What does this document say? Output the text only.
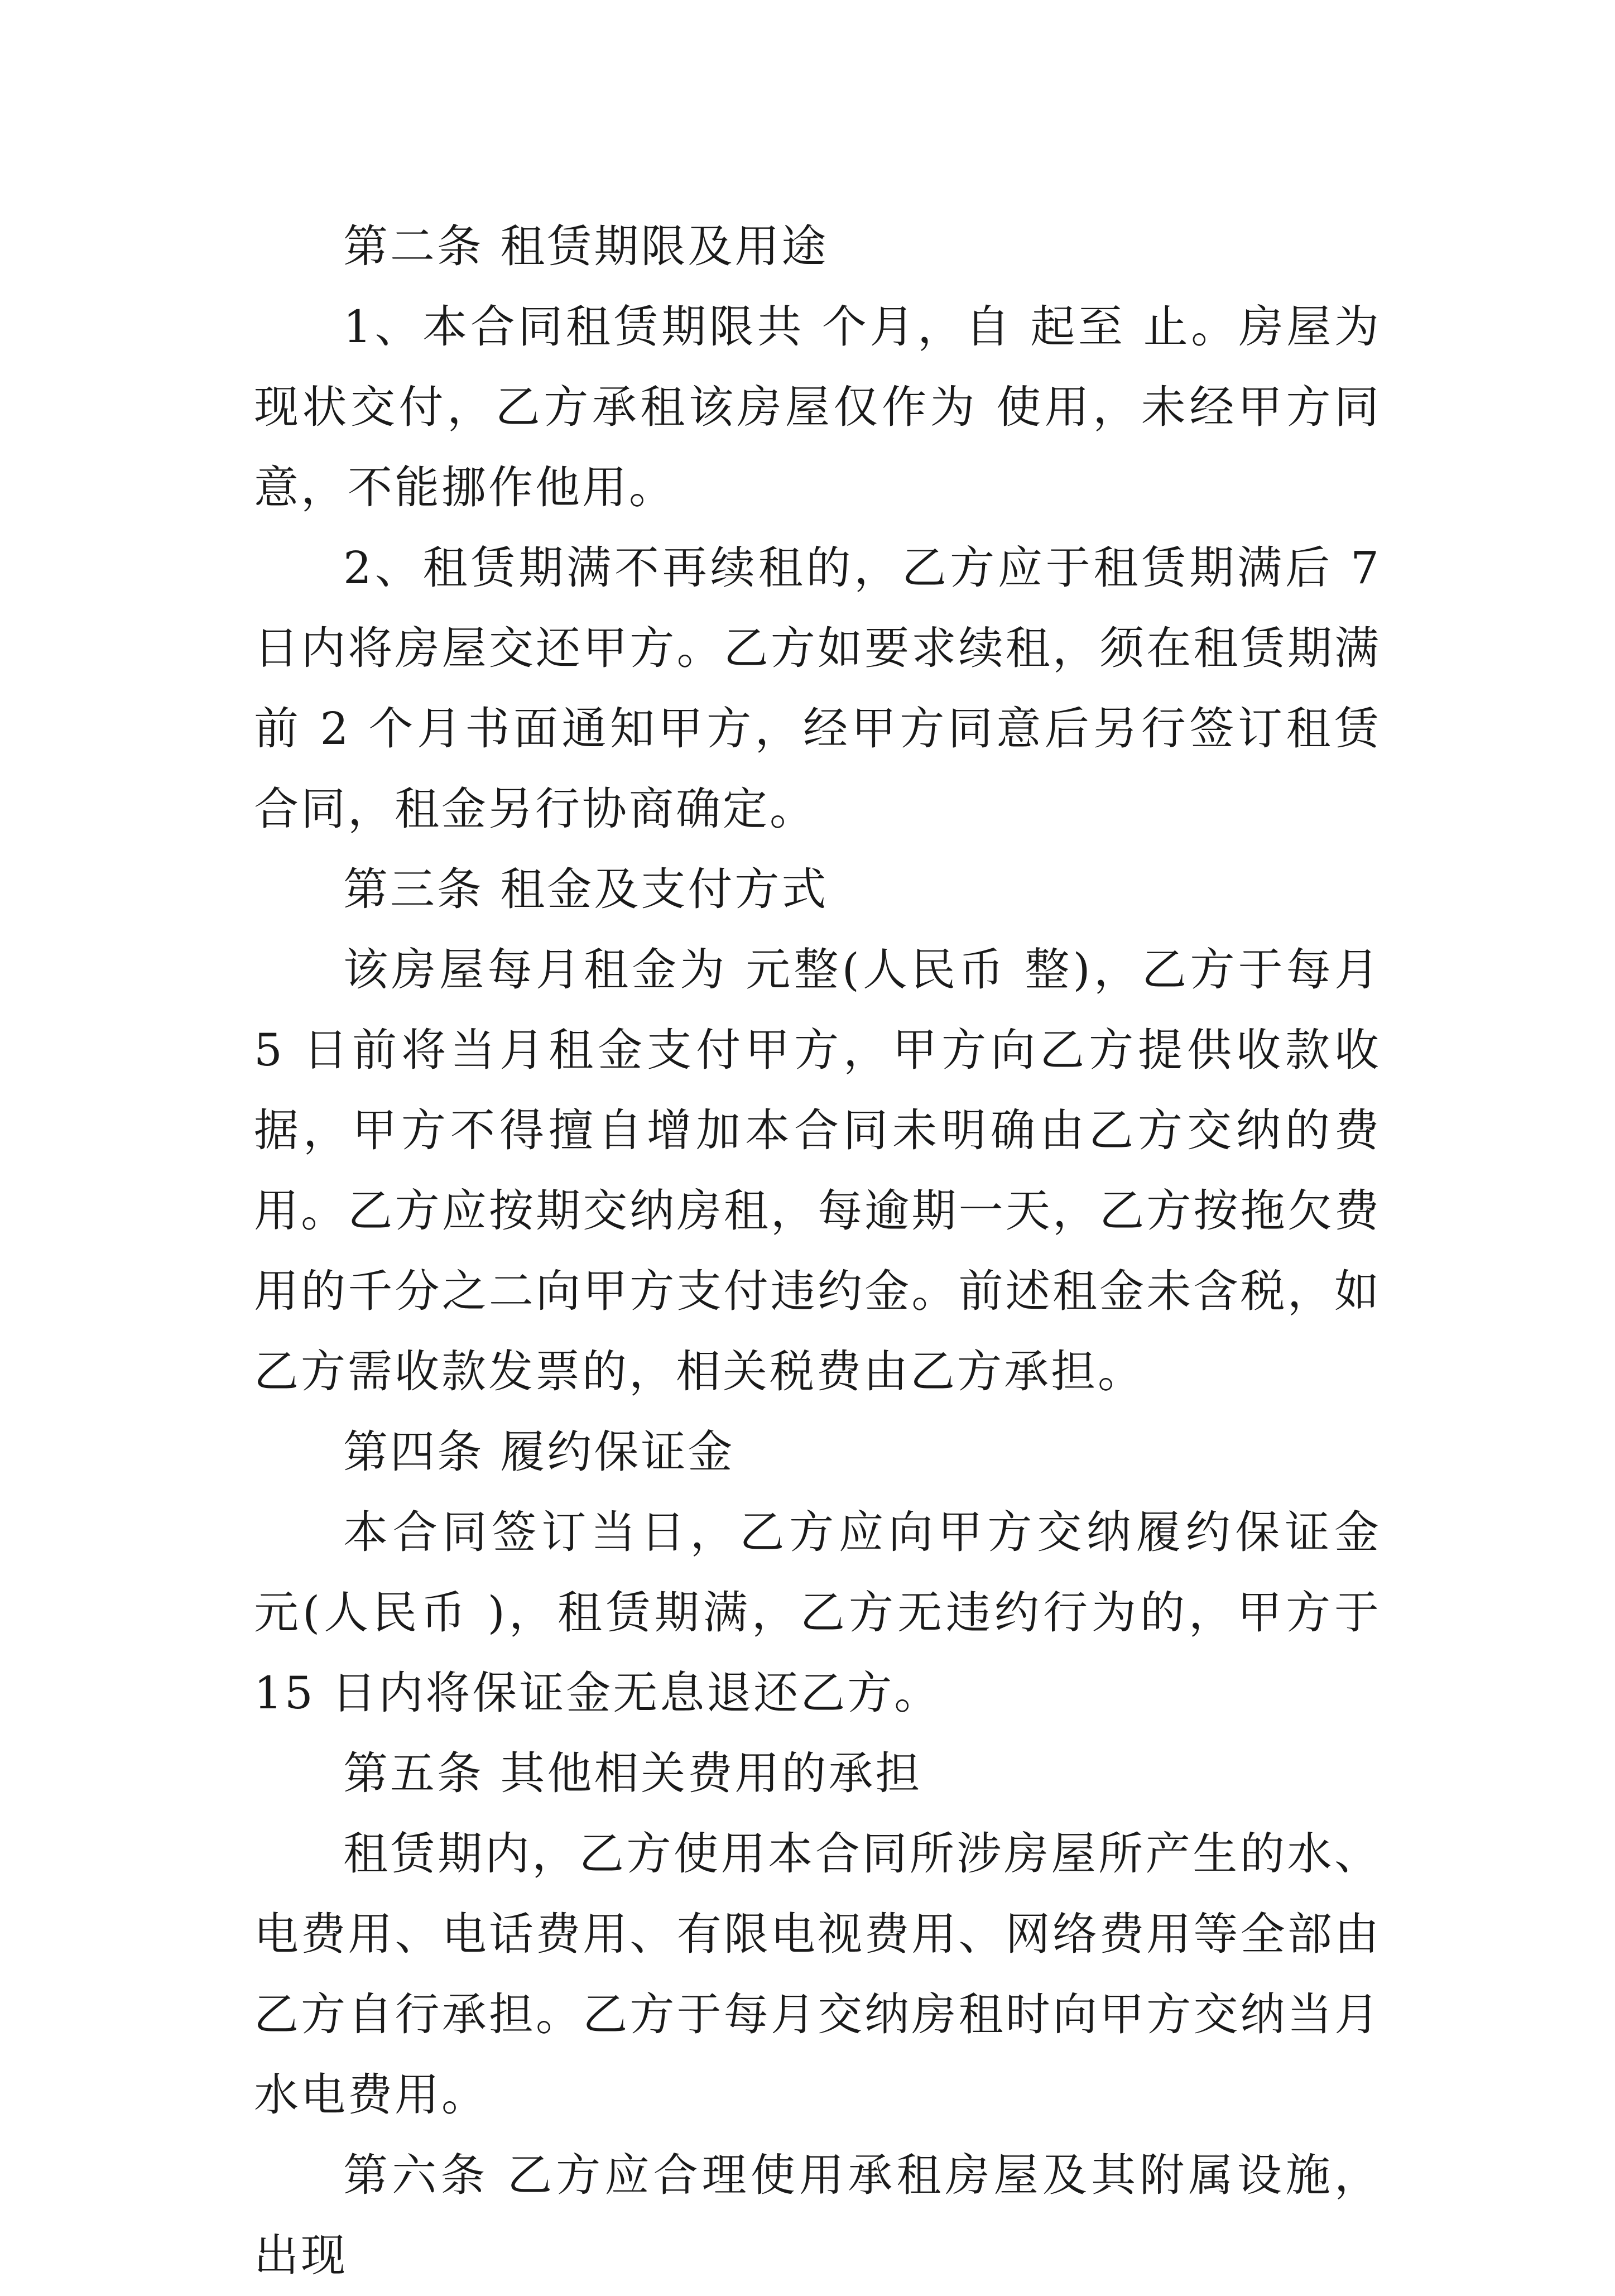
第二条 租赁期限及用途

1、本合同租赁期限共 个月，自 起至 止。房屋为现状交付，乙方承租该房屋仅作为 使用，未经甲方同意，不能挪作他用。

2、租赁期满不再续租的，乙方应于租赁期满后 7 日内将房屋交还甲方。乙方如要求续租，须在租赁期满前 2 个月书面通知甲方，经甲方同意后另行签订租赁合同，租金另行协商确定。

第三条 租金及支付方式

该房屋每月租金为 元整(人民币 整)，乙方于每月 5 日前将当月租金支付甲方，甲方向乙方提供收款收据，甲方不得擅自增加本合同未明确由乙方交纳的费用。乙方应按期交纳房租，每逾期一天，乙方按拖欠费用的千分之二向甲方支付违约金。前述租金未含税，如乙方需收款发票的，相关税费由乙方承担。

第四条 履约保证金

本合同签订当日，乙方应向甲方交纳履约保证金 元(人民币 )，租赁期满，乙方无违约行为的，甲方于 15 日内将保证金无息退还乙方。

第五条 其他相关费用的承担

租赁期内，乙方使用本合同所涉房屋所产生的水、电费用、电话费用、有限电视费用、网络费用等全部由乙方自行承担。乙方于每月交纳房租时向甲方交纳当月水电费用。

第六条 乙方应合理使用承租房屋及其附属设施，出现
